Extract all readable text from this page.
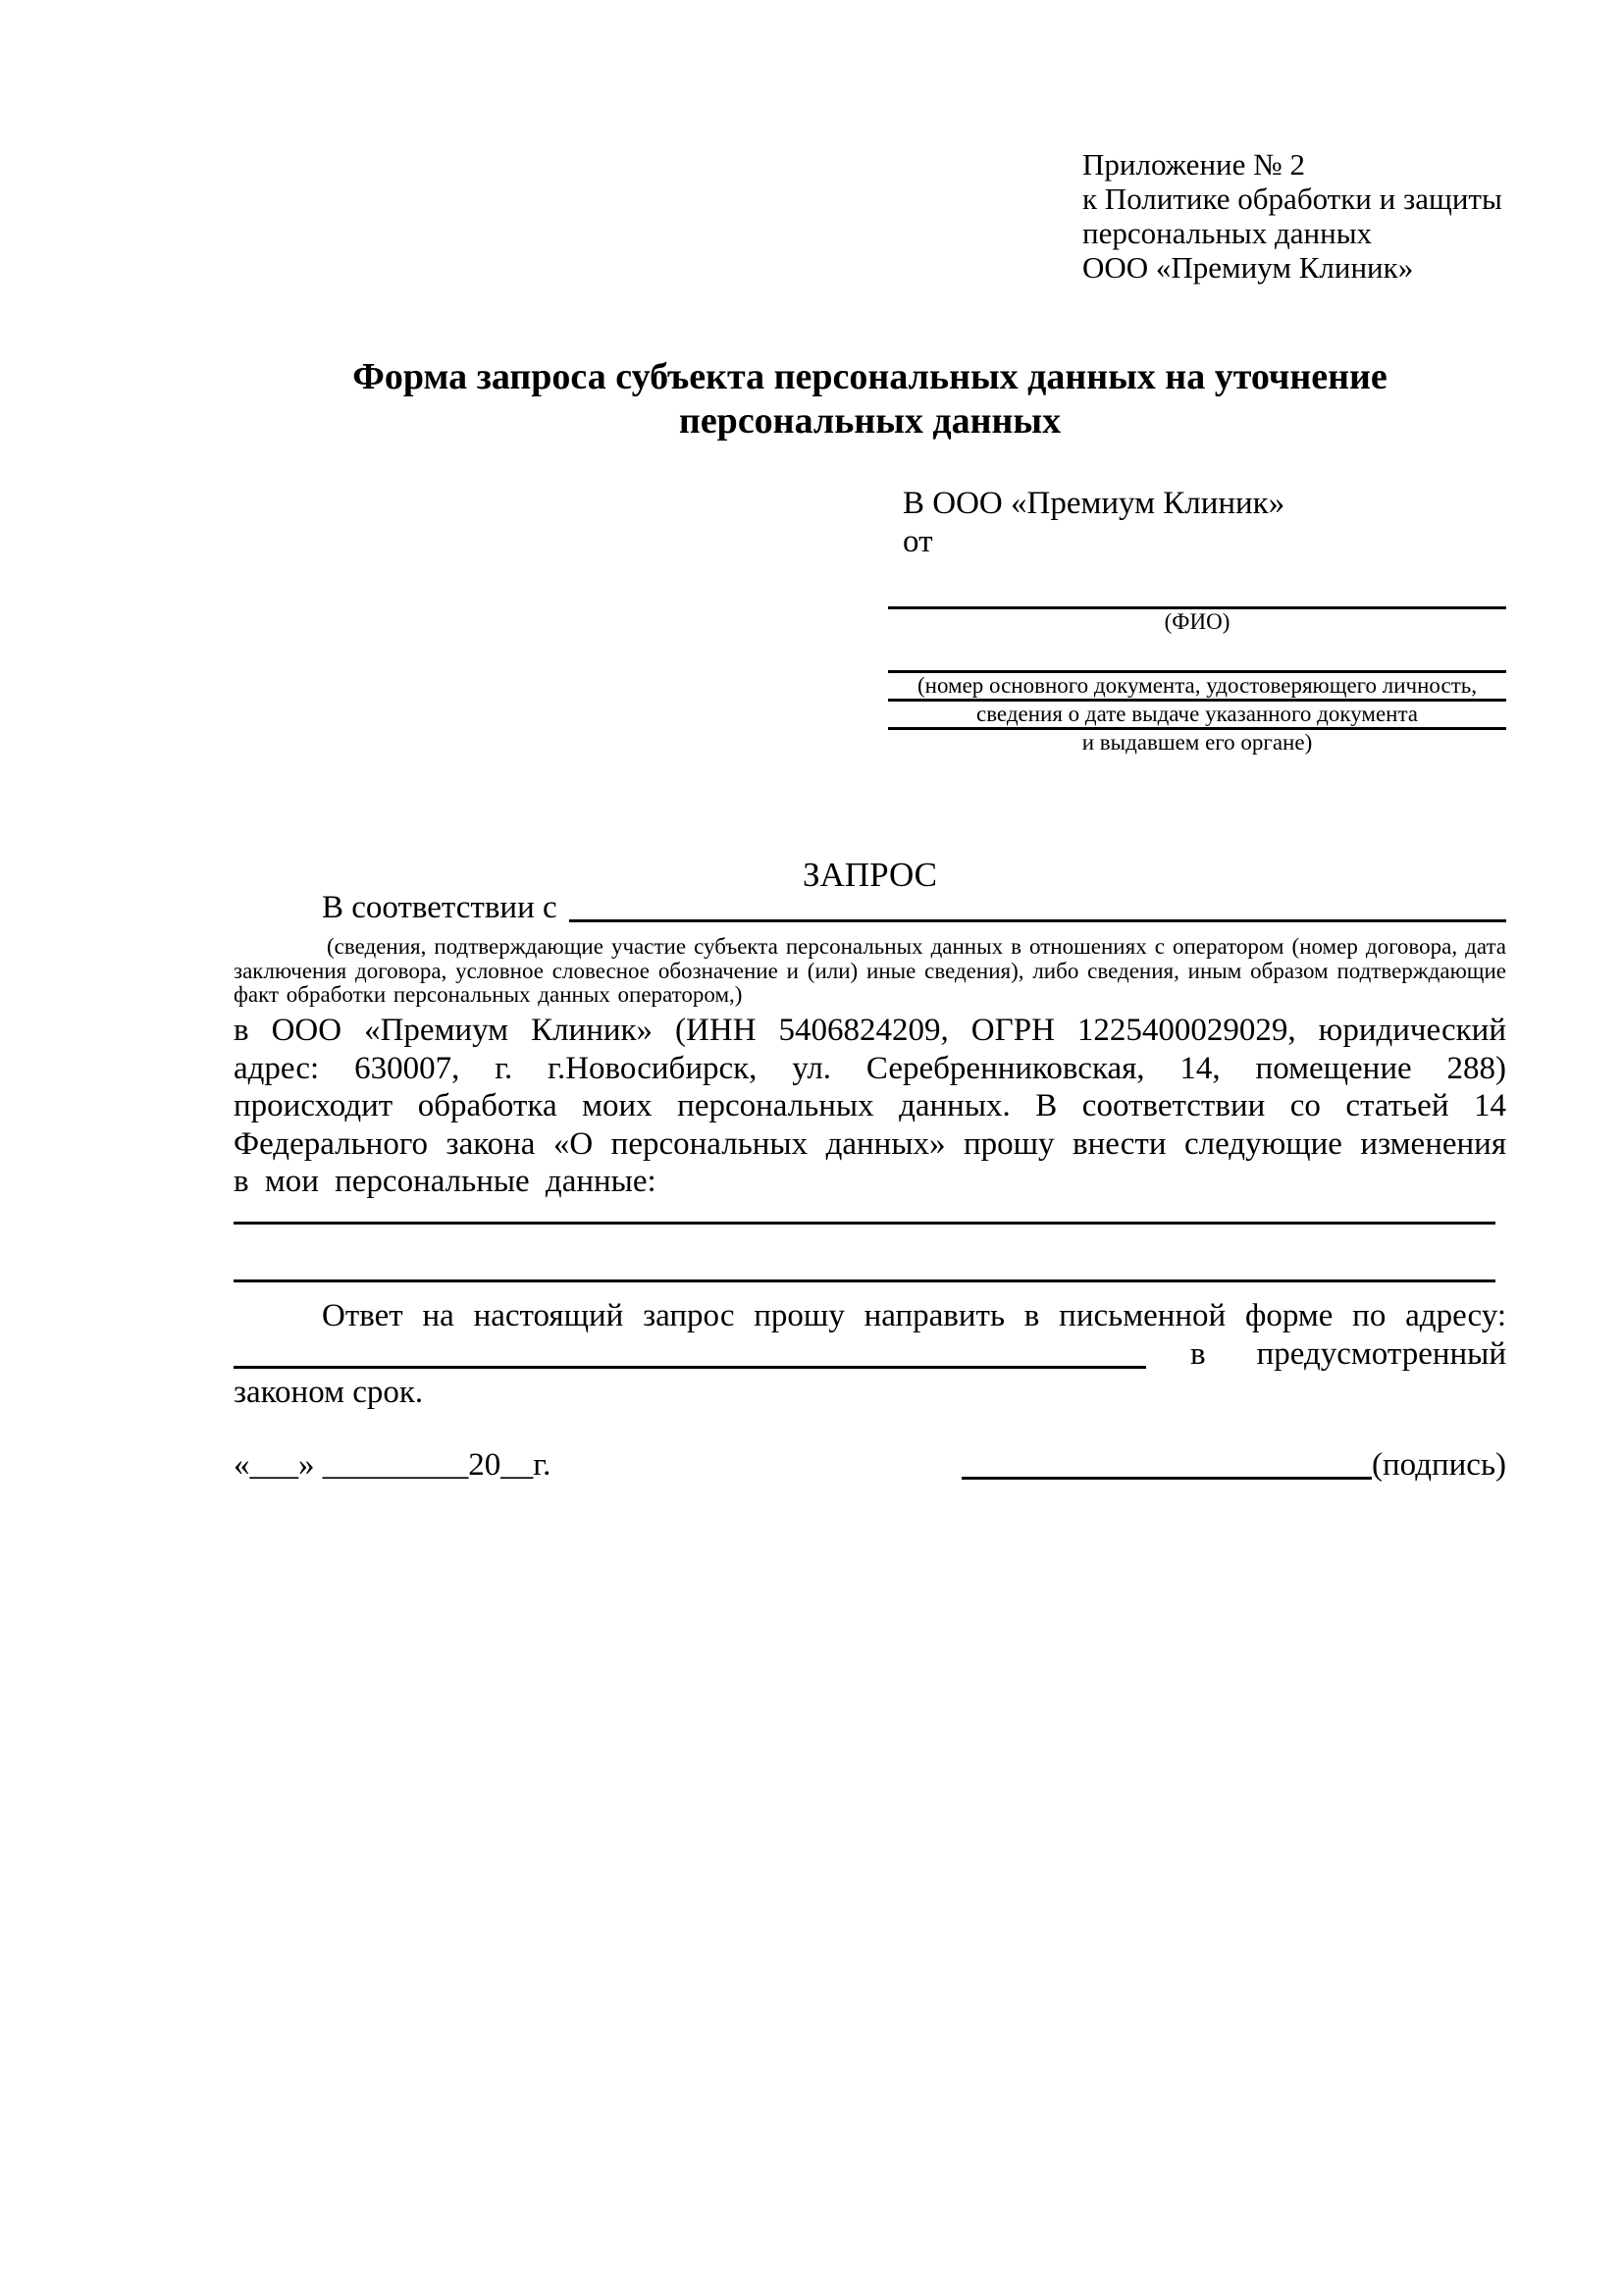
Приложение № 2
к Политике обработки и защиты
персональных данных
ООО «Премиум Клиник»
Форма запроса субъекта персональных данных на уточнение персональных данных
В ООО «Премиум Клиник»
от
(ФИО)
(номер основного документа, удостоверяющего личность,
сведения о дате выдаче указанного документа
и выдавшем его органе)
ЗАПРОС
В соответствии с
(сведения, подтверждающие участие субъекта персональных данных в отношениях с оператором (номер договора, дата заключения договора, условное словесное обозначение и (или) иные сведения), либо сведения, иным образом подтверждающие факт обработки персональных данных оператором,)
в ООО «Премиум Клиник» (ИНН 5406824209, ОГРН 1225400029029, юридический адрес: 630007, г. г.Новосибирск, ул. Серебренниковская, 14, помещение 288) происходит обработка моих персональных данных. В соответствии со статьей 14 Федерального закона «О персональных данных» прошу внести следующие изменения в мои персональные данные:
Ответ на настоящий запрос прошу направить в письменной форме по адресу:
в предусмотренный
законом срок.
«___» _________20__г.	(подпись)
